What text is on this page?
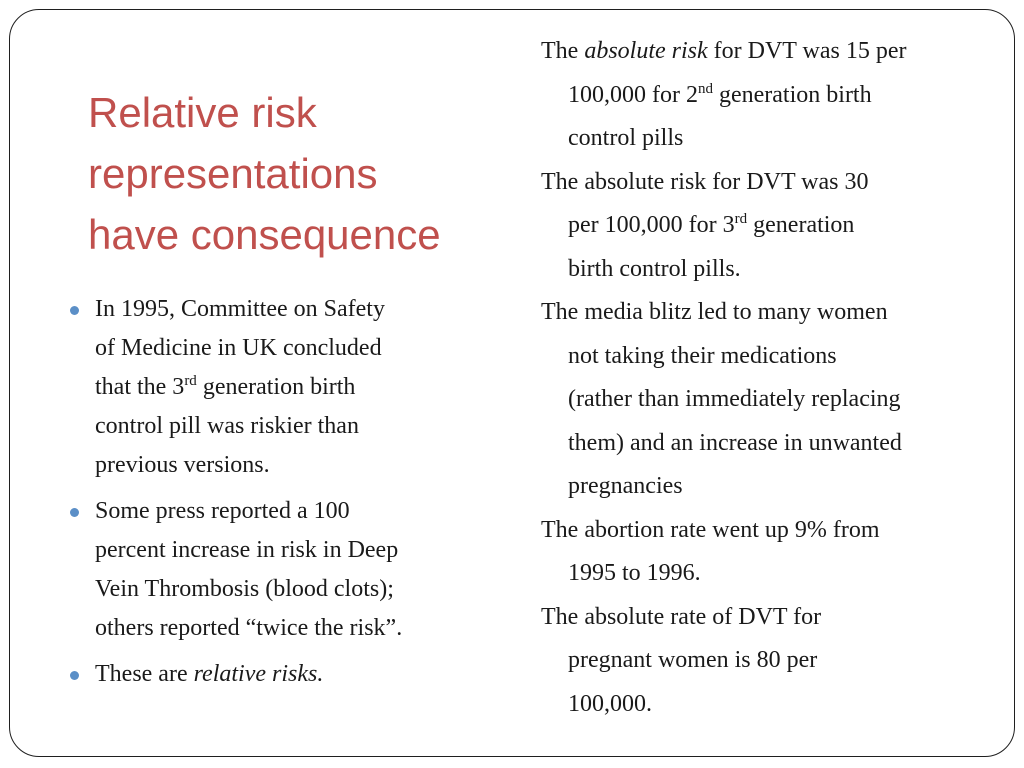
Relative risk
representations
have consequence
In 1995, Committee on Safety
of Medicine in UK concluded
that the 3rd generation birth
control pill was riskier than
previous versions.
Some press reported a 100
percent increase in risk in Deep
Vein Thrombosis (blood clots);
others reported “twice the risk”.
These are relative risks.

The absolute risk for DVT was 15 per
100,000 for 2nd generation birth
control pills

The absolute risk for DVT was 30
per 100,000 for 3rd generation
birth control pills.

The media blitz led to many women
not taking their medications
(rather than immediately replacing
them) and an increase in unwanted
pregnancies

The abortion rate went up 9% from
1995 to 1996.

The absolute rate of DVT for
pregnant women is 80 per
100,000.
